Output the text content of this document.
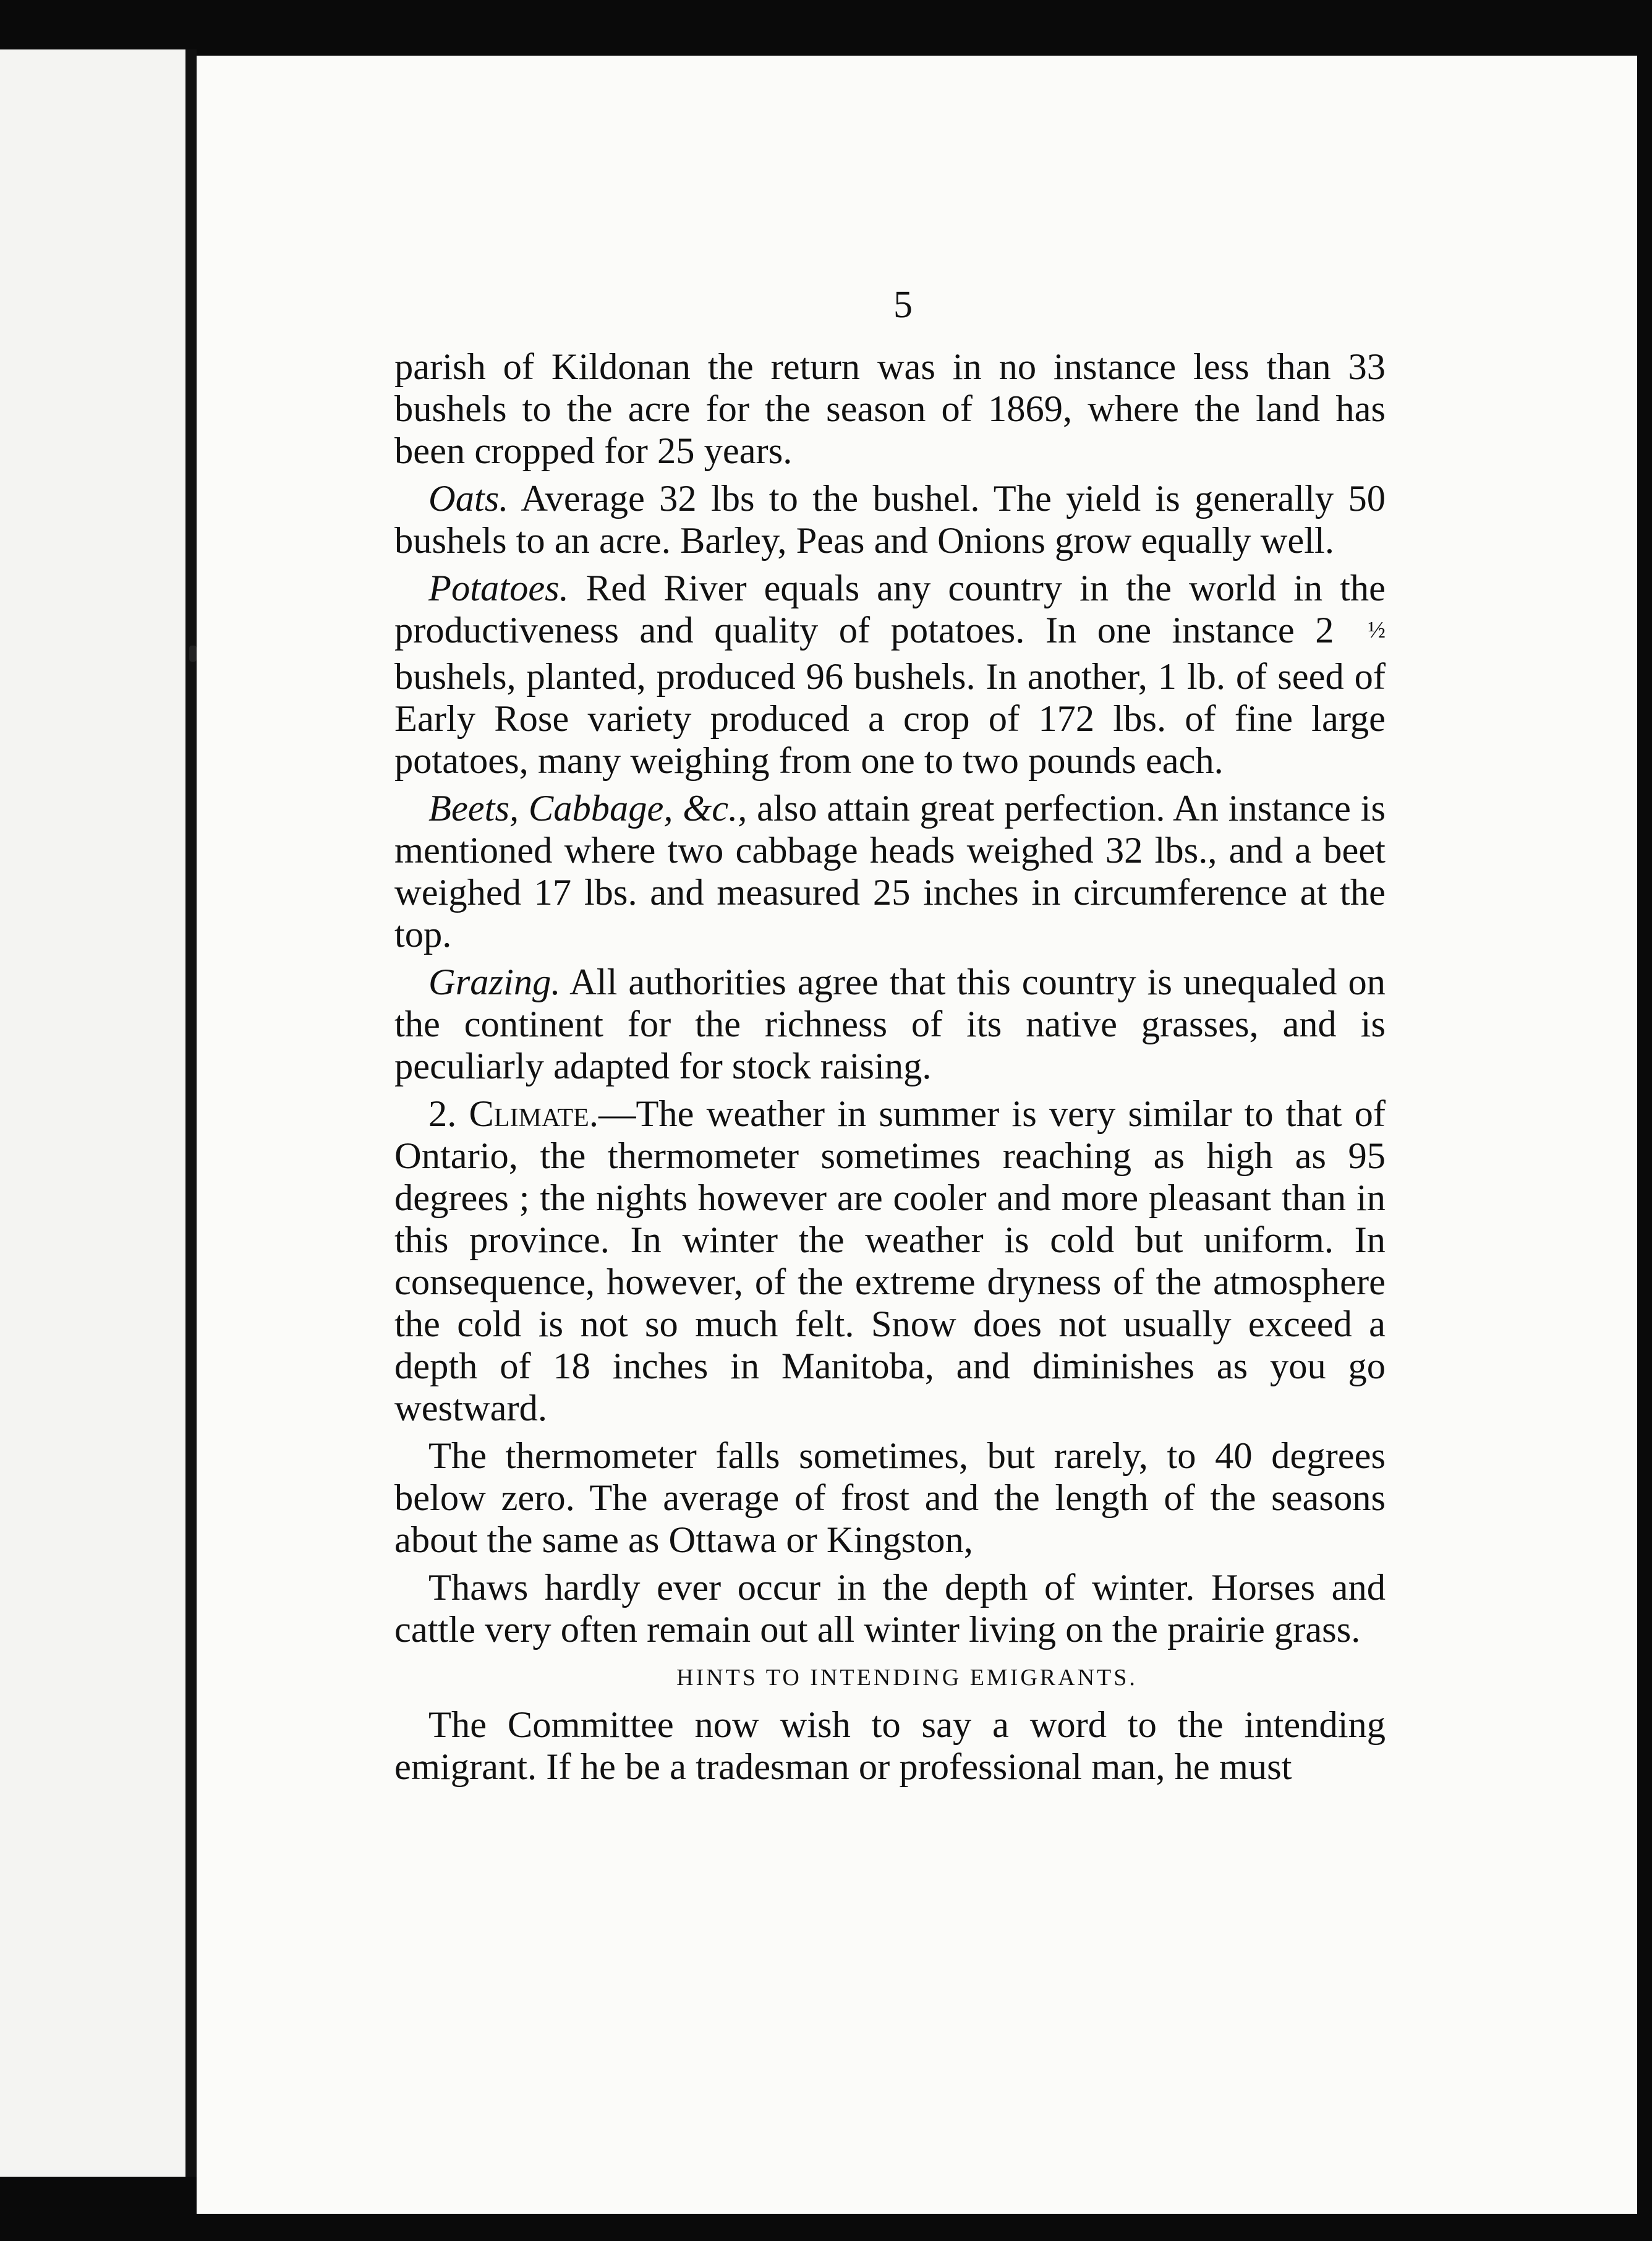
5

parish of Kildonan the return was in no instance less than 33 bushels to the acre for the season of 1869, where the land has been cropped for 25 years.

Oats. Average 32 lbs to the bushel. The yield is generally 50 bushels to an acre. Barley, Peas and Onions grow equally well.

Potatoes. Red River equals any country in the world in the productiveness and quality of potatoes. In one instance 2 ½ bushels, planted, produced 96 bushels. In another, 1 lb. of seed of Early Rose variety produced a crop of 172 lbs. of fine large potatoes, many weighing from one to two pounds each.

Beets, Cabbage, &c., also attain great perfection. An instance is mentioned where two cabbage heads weighed 32 lbs., and a beet weighed 17 lbs. and measured 25 inches in circumference at the top.

Grazing. All authorities agree that this country is unequaled on the continent for the richness of its native grasses, and is peculiarly adapted for stock raising.

2. Climate.—The weather in summer is very similar to that of Ontario, the thermometer sometimes reaching as high as 95 degrees ; the nights however are cooler and more pleasant than in this province. In winter the weather is cold but uniform. In consequence, however, of the extreme dryness of the atmosphere the cold is not so much felt. Snow does not usually exceed a depth of 18 inches in Manitoba, and diminishes as you go westward.

The thermometer falls sometimes, but rarely, to 40 degrees below zero. The average of frost and the length of the seasons about the same as Ottawa or Kingston,

Thaws hardly ever occur in the depth of winter. Horses and cattle very often remain out all winter living on the prairie grass.

HINTS TO INTENDING EMIGRANTS.

The Committee now wish to say a word to the intending emigrant. If he be a tradesman or professional man, he must
